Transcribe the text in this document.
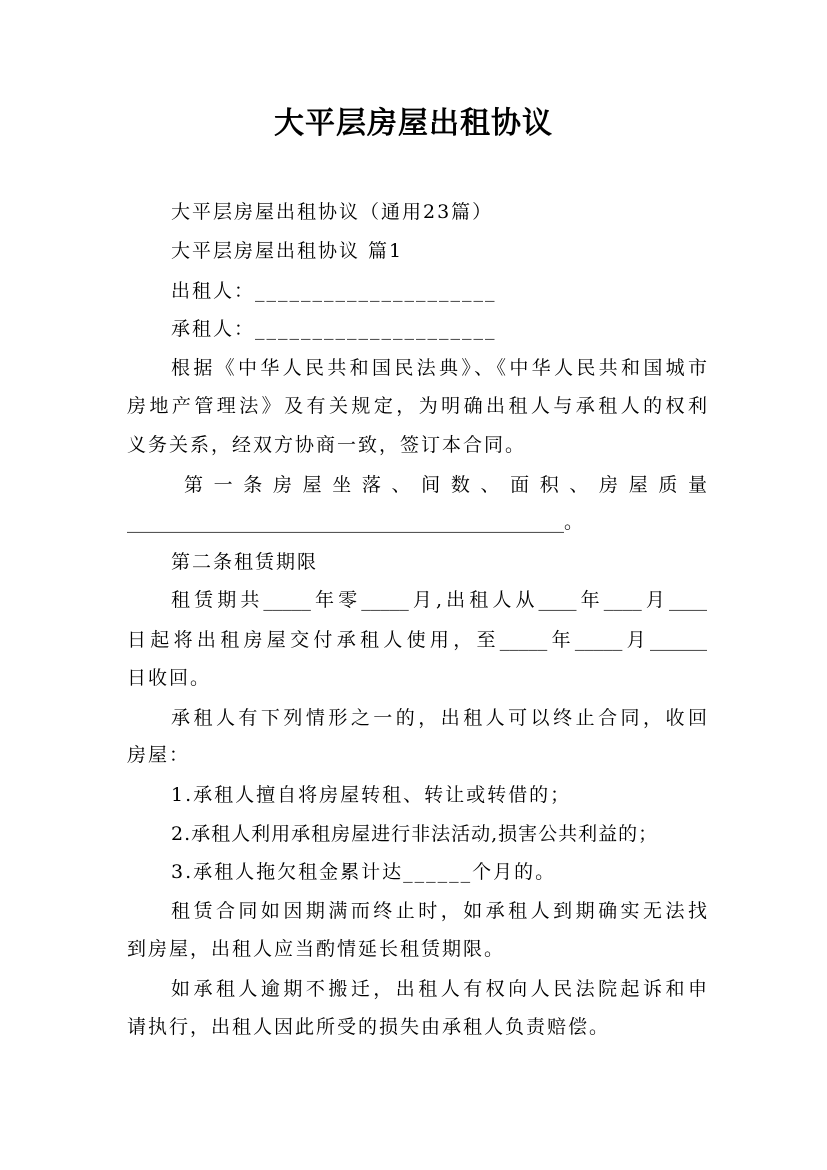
大平层房屋出租协议
大平层房屋出租协议（通用23篇）
大平层房屋出租协议 篇1
出租人：_____________________
承租人：_____________________
根据《中华人民共和国民法典》、《中华人民共和国城市
房地产管理法》及有关规定，为明确出租人与承租人的权利
义务关系，经双方协商一致，签订本合同。
第 一 条 房 屋 坐 落 、 间 数 、 面 积 、 房 屋 质 量
______________________________________________。
第二条租赁期限
租赁期共_____年零_____月,出租人从____年____月____
日起将出租房屋交付承租人使用，至_____年_____月______
日收回。
承租人有下列情形之一的，出租人可以终止合同，收回
房屋：
1.承租人擅自将房屋转租、转让或转借的；
2.承租人利用承租房屋进行非法活动,损害公共利益的；
3.承租人拖欠租金累计达______个月的。
租赁合同如因期满而终止时，如承租人到期确实无法找
到房屋，出租人应当酌情延长租赁期限。
如承租人逾期不搬迁，出租人有权向人民法院起诉和申
请执行，出租人因此所受的损失由承租人负责赔偿。
